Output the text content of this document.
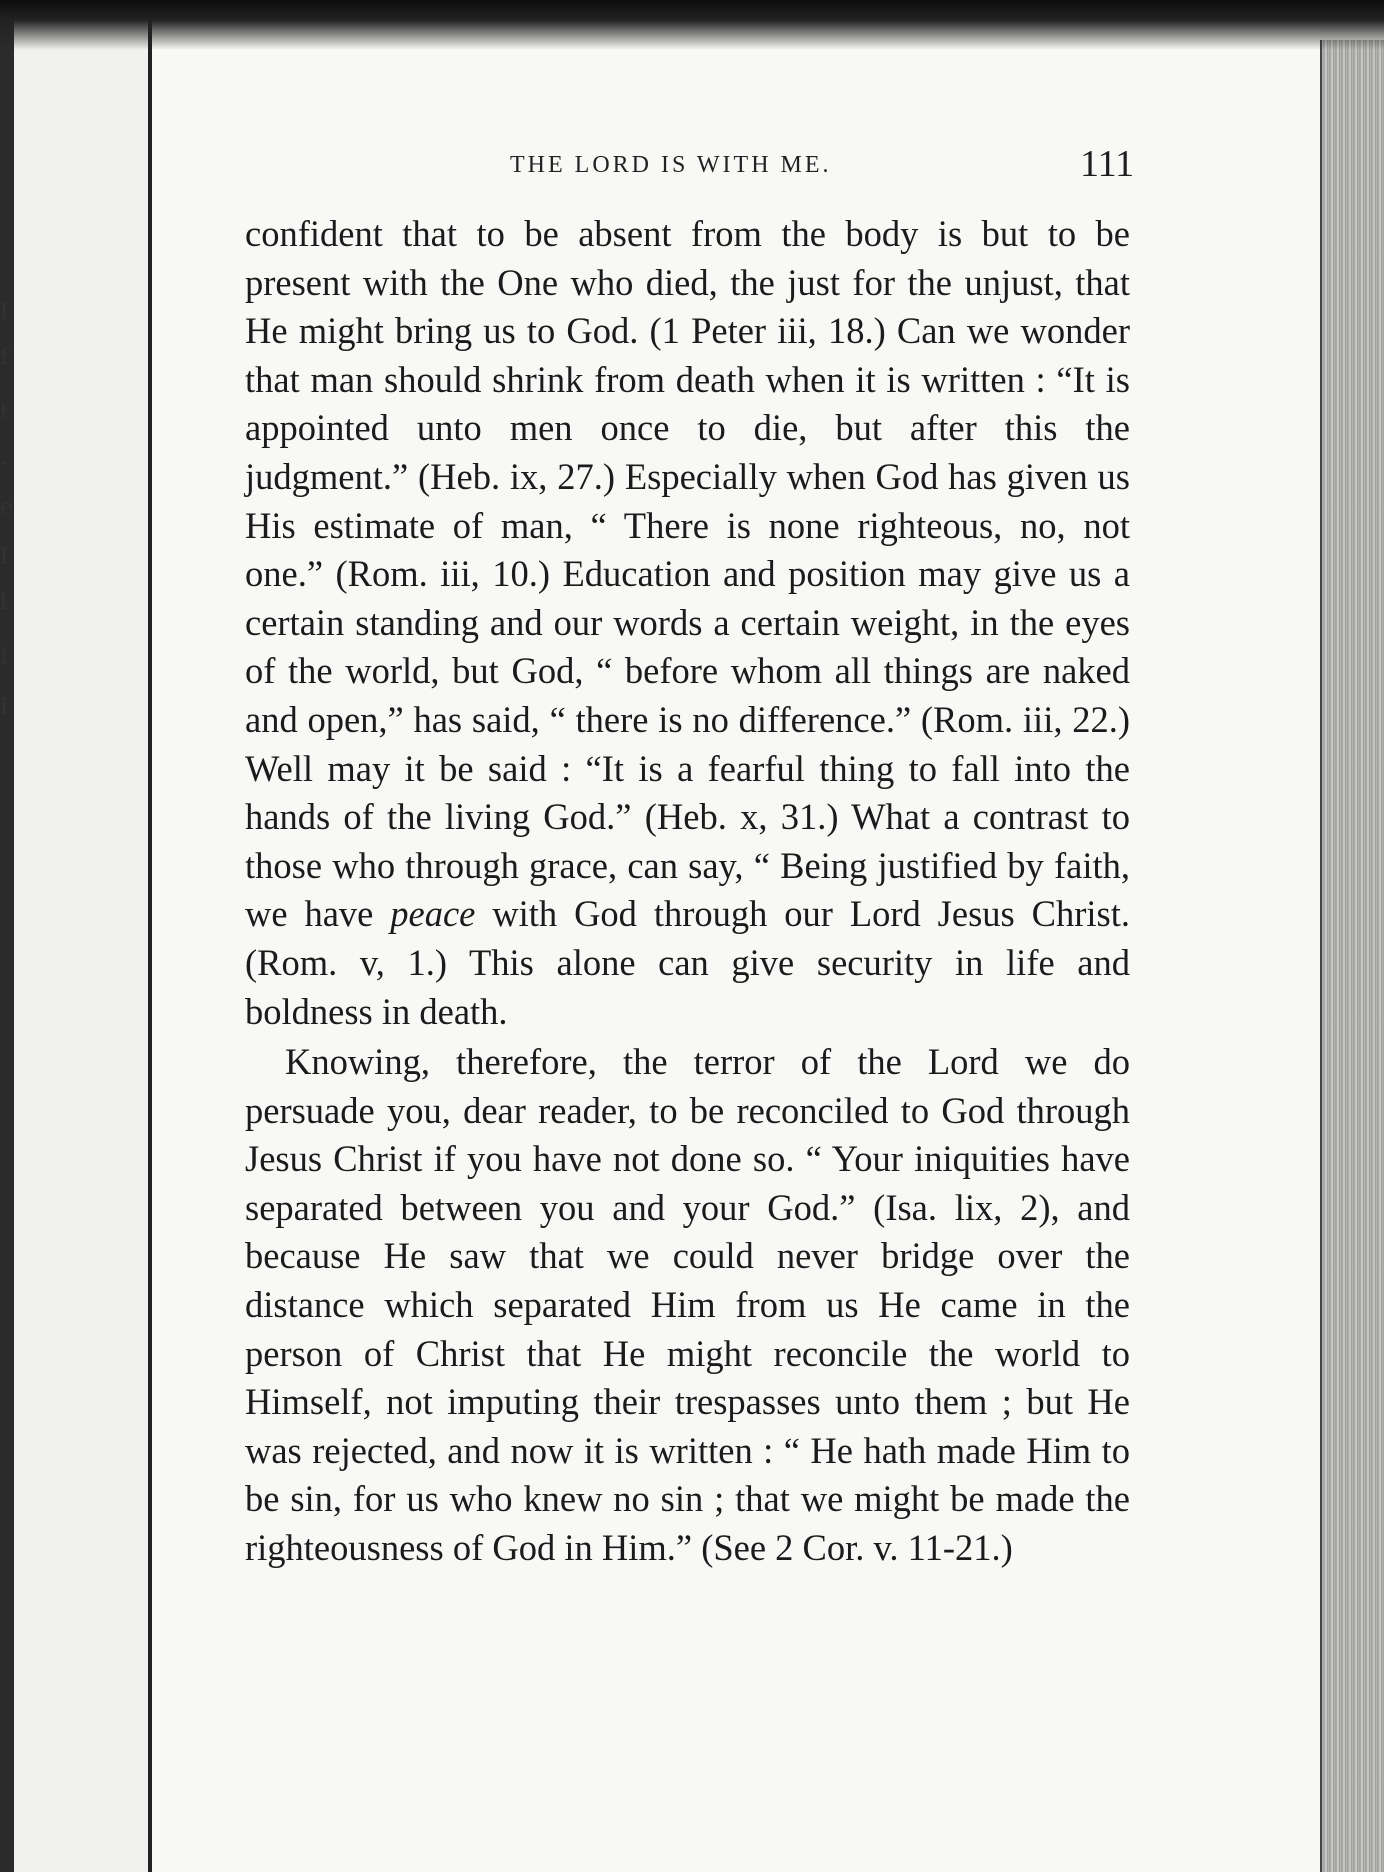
I
f
t
-
e
I
l
I
I
THE LORD IS WITH ME.	111

confident that to be absent from the body is but to be present with the One who died, the just for the unjust, that He might bring us to God. (1 Peter iii, 18.) Can we wonder that man should shrink from death when it is written : “It is appointed unto men once to die, but after this the judgment.” (Heb. ix, 27.) Especially when God has given us His estimate of man, “ There is none righteous, no, not one.” (Rom. iii, 10.) Education and position may give us a certain standing and our words a certain weight, in the eyes of the world, but God, “ before whom all things are naked and open,” has said, “ there is no difference.” (Rom. iii, 22.) Well may it be said : “It is a fearful thing to fall into the hands of the living God.” (Heb. x, 31.) What a contrast to those who through grace, can say, “ Being justified by faith, we have peace with God through our Lord Jesus Christ. (Rom. v, 1.) This alone can give security in life and boldness in death.

Knowing, therefore, the terror of the Lord we do persuade you, dear reader, to be reconciled to God through Jesus Christ if you have not done so. “ Your iniquities have separated between you and your God.” (Isa. lix, 2), and because He saw that we could never bridge over the distance which separated Him from us He came in the person of Christ that He might reconcile the world to Himself, not imputing their trespasses unto them ; but He was rejected, and now it is written : “ He hath made Him to be sin, for us who knew no sin ; that we might be made the righteousness of God in Him.” (See 2 Cor. v. 11-21.)
